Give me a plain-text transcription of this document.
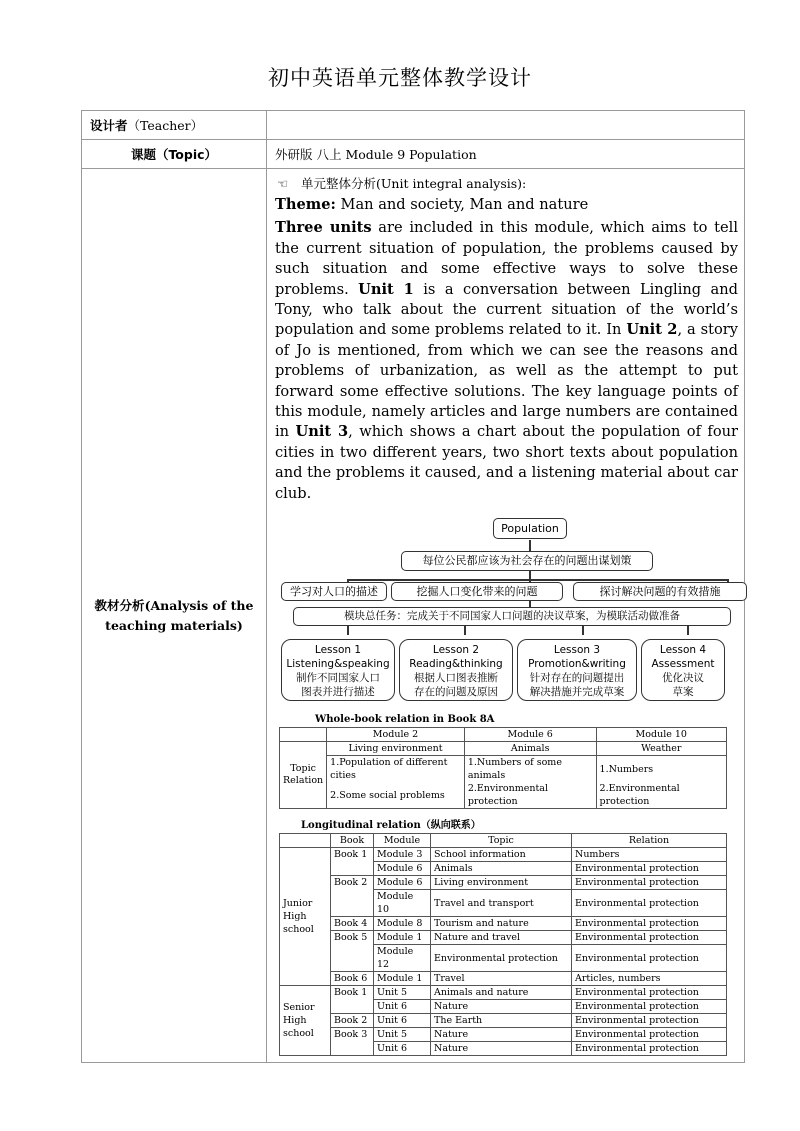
初中英语单元整体教学设计
设计者（Teacher）	
课题（Topic）	外研版 八上 Module 9 Population
教材分析(Analysis of the teaching materials)	
☜ 单元整体分析(Unit integral analysis):

Theme: Man and society, Man and nature

Three units are included in this module, which aims to tell the current situation of population, the problems caused by such situation and some effective ways to solve these problems. Unit 1 is a conversation between Lingling and Tony, who talk about the current situation of the world’s population and some problems related to it. In Unit 2, a story of Jo is mentioned, from which we can see the reasons and problems of urbanization, as well as the attempt to put forward some effective solutions. The key language points of this module, namely articles and large numbers are contained in Unit 3, which shows a chart about the population of four cities in two different years, two short texts about population and the problems it caused, and a listening material about car club.

Population
每位公民都应该为社会存在的问题出谋划策
学习对人口的描述	挖掘人口变化带来的问题	探讨解决问题的有效措施
模块总任务：完成关于不同国家人口问题的决议草案，为模联活动做准备
Lesson 1
Listening&speaking
制作不同国家人口
图表并进行描述
Lesson 2
Reading&thinking
根据人口图表推断
存在的问题及原因
Lesson 3
Promotion&writing
针对存在的问题提出
解决措施并完成草案
Lesson 4
Assessment
优化决议
草案
Whole-book relation in Book 8A
	Module 2	Module 6	Module 10
Topic Relation	Living environment	Animals	Weather
1.Population of different cities	1.Numbers of some animals	1.Numbers
2.Some social problems	2.Environmental protection	2.Environmental protection
Longitudinal relation（纵向联系）
	Book	Module	Topic	Relation
Junior High school	Book 1	Module 3	School information	Numbers
Module 6	Animals	Environmental protection
Book 2	Module 6	Living environment	Environmental protection
Module 10	Travel and transport	Environmental protection
Book 4	Module 8	Tourism and nature	Environmental protection
Book 5	Module 1	Nature and travel	Environmental protection
Module 12	Environmental protection	Environmental protection
Book 6	Module 1	Travel	Articles, numbers
Senior High school	Book 1	Unit 5	Animals and nature	Environmental protection
Unit 6	Nature	Environmental protection
Book 2	Unit 6	The Earth	Environmental protection
Book 3	Unit 5	Nature	Environmental protection
Unit 6	Nature	Environmental protection
